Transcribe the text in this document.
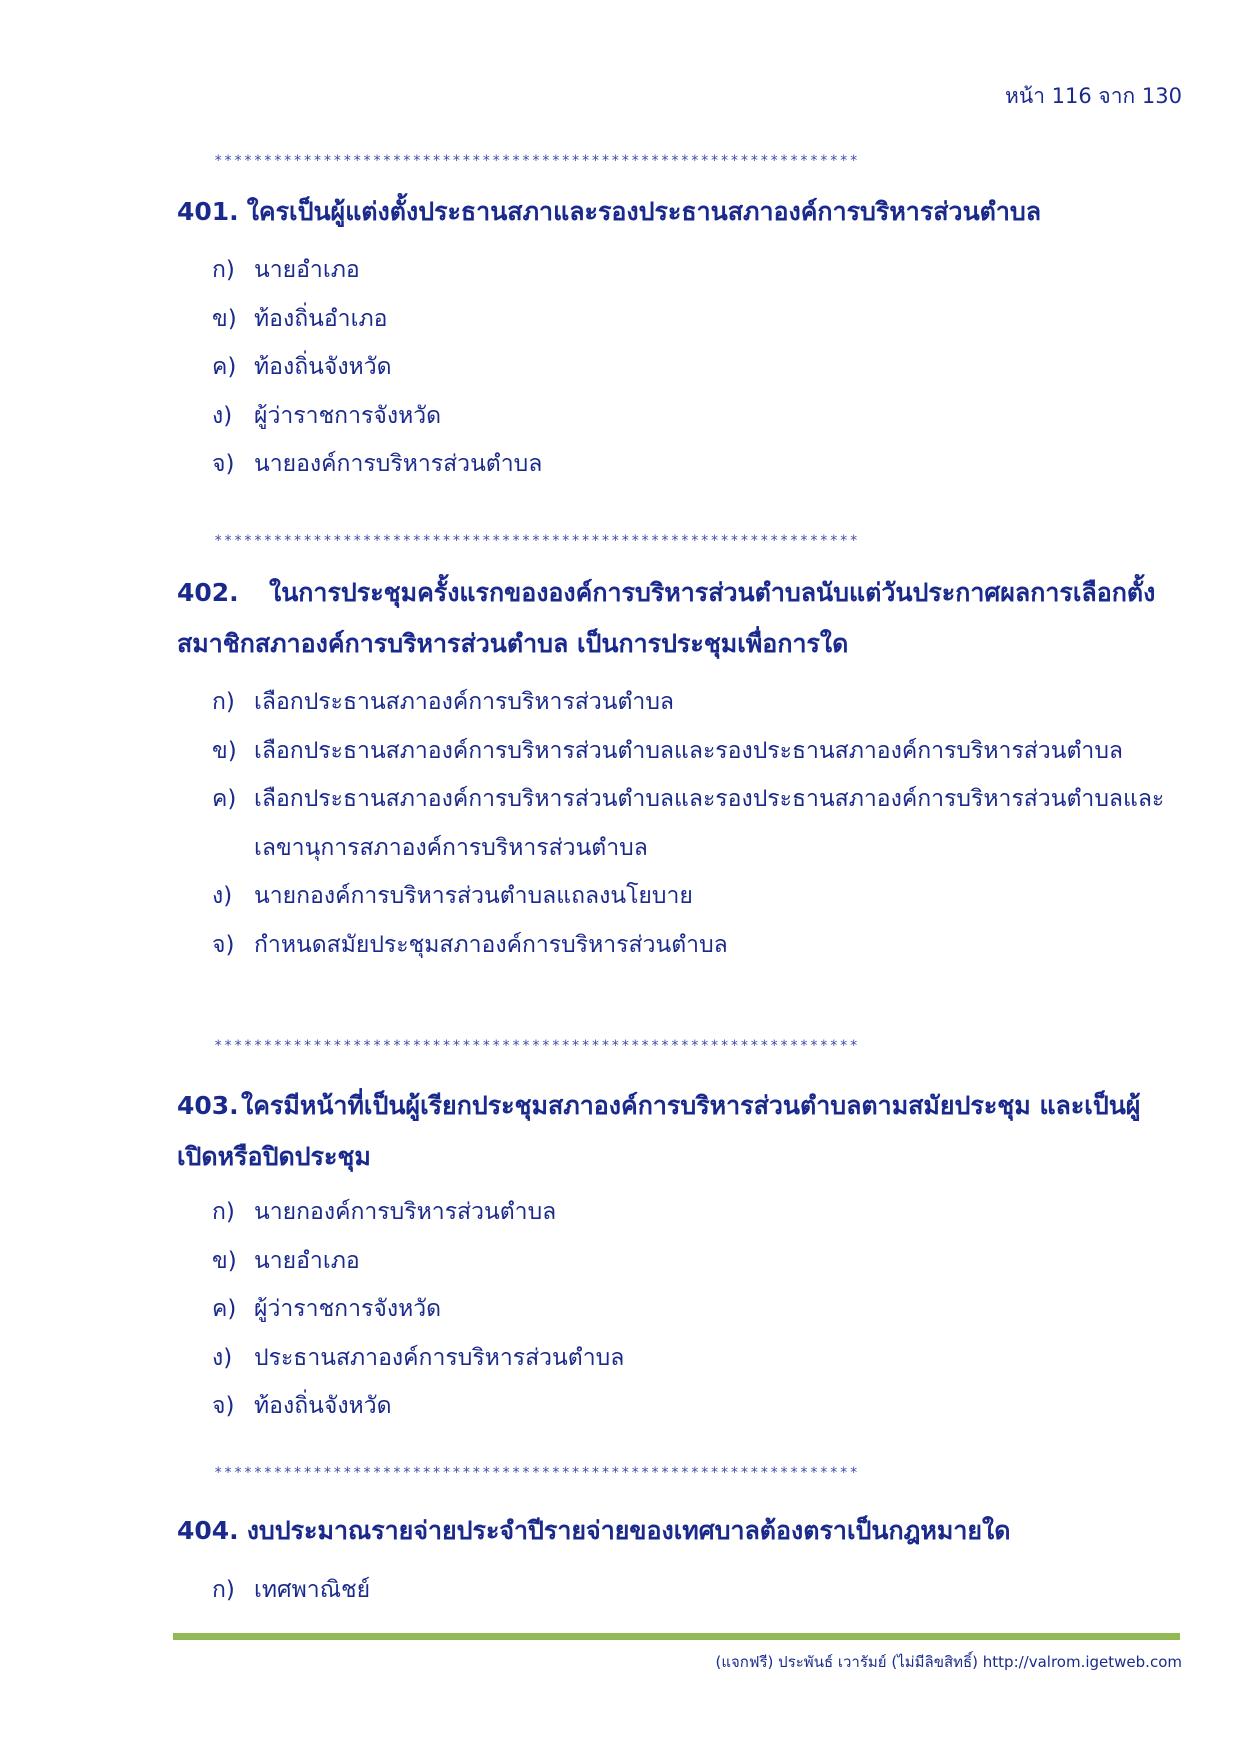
หน้า 116 จาก 130
*****************************************************************
401. ใครเป็นผู้แต่งตั้งประธานสภาและรองประธานสภาองค์การบริหารส่วนตำบล
ก) นายอำเภอ
ข) ท้องถิ่นอำเภอ
ค) ท้องถิ่นจังหวัด
ง) ผู้ว่าราชการจังหวัด
จ) นายองค์การบริหารส่วนตำบล
*****************************************************************
402. ในการประชุมครั้งแรกขององค์การบริหารส่วนตำบลนับแต่วันประกาศผลการเลือกตั้งสมาชิกสภาองค์การบริหารส่วนตำบล เป็นการประชุมเพื่อการใด
ก) เลือกประธานสภาองค์การบริหารส่วนตำบล
ข) เลือกประธานสภาองค์การบริหารส่วนตำบลและรองประธานสภาองค์การบริหารส่วนตำบล
ค) เลือกประธานสภาองค์การบริหารส่วนตำบลและรองประธานสภาองค์การบริหารส่วนตำบลและเลขานุการสภาองค์การบริหารส่วนตำบล
ง) นายกองค์การบริหารส่วนตำบลแถลงนโยบาย
จ) กำหนดสมัยประชุมสภาองค์การบริหารส่วนตำบล
*****************************************************************
403.ใครมีหน้าที่เป็นผู้เรียกประชุมสภาองค์การบริหารส่วนตำบลตามสมัยประชุม และเป็นผู้เปิดหรือปิดประชุม
ก) นายกองค์การบริหารส่วนตำบล
ข) นายอำเภอ
ค) ผู้ว่าราชการจังหวัด
ง) ประธานสภาองค์การบริหารส่วนตำบล
จ) ท้องถิ่นจังหวัด
*****************************************************************
404. งบประมาณรายจ่ายประจำปีรายจ่ายของเทศบาลต้องตราเป็นกฎหมายใด
ก) เทศพาณิชย์
(แจกฟรี) ประพันธ์ เวารัมย์ (ไม่มีลิขสิทธิ์) http://valrom.igetweb.com
